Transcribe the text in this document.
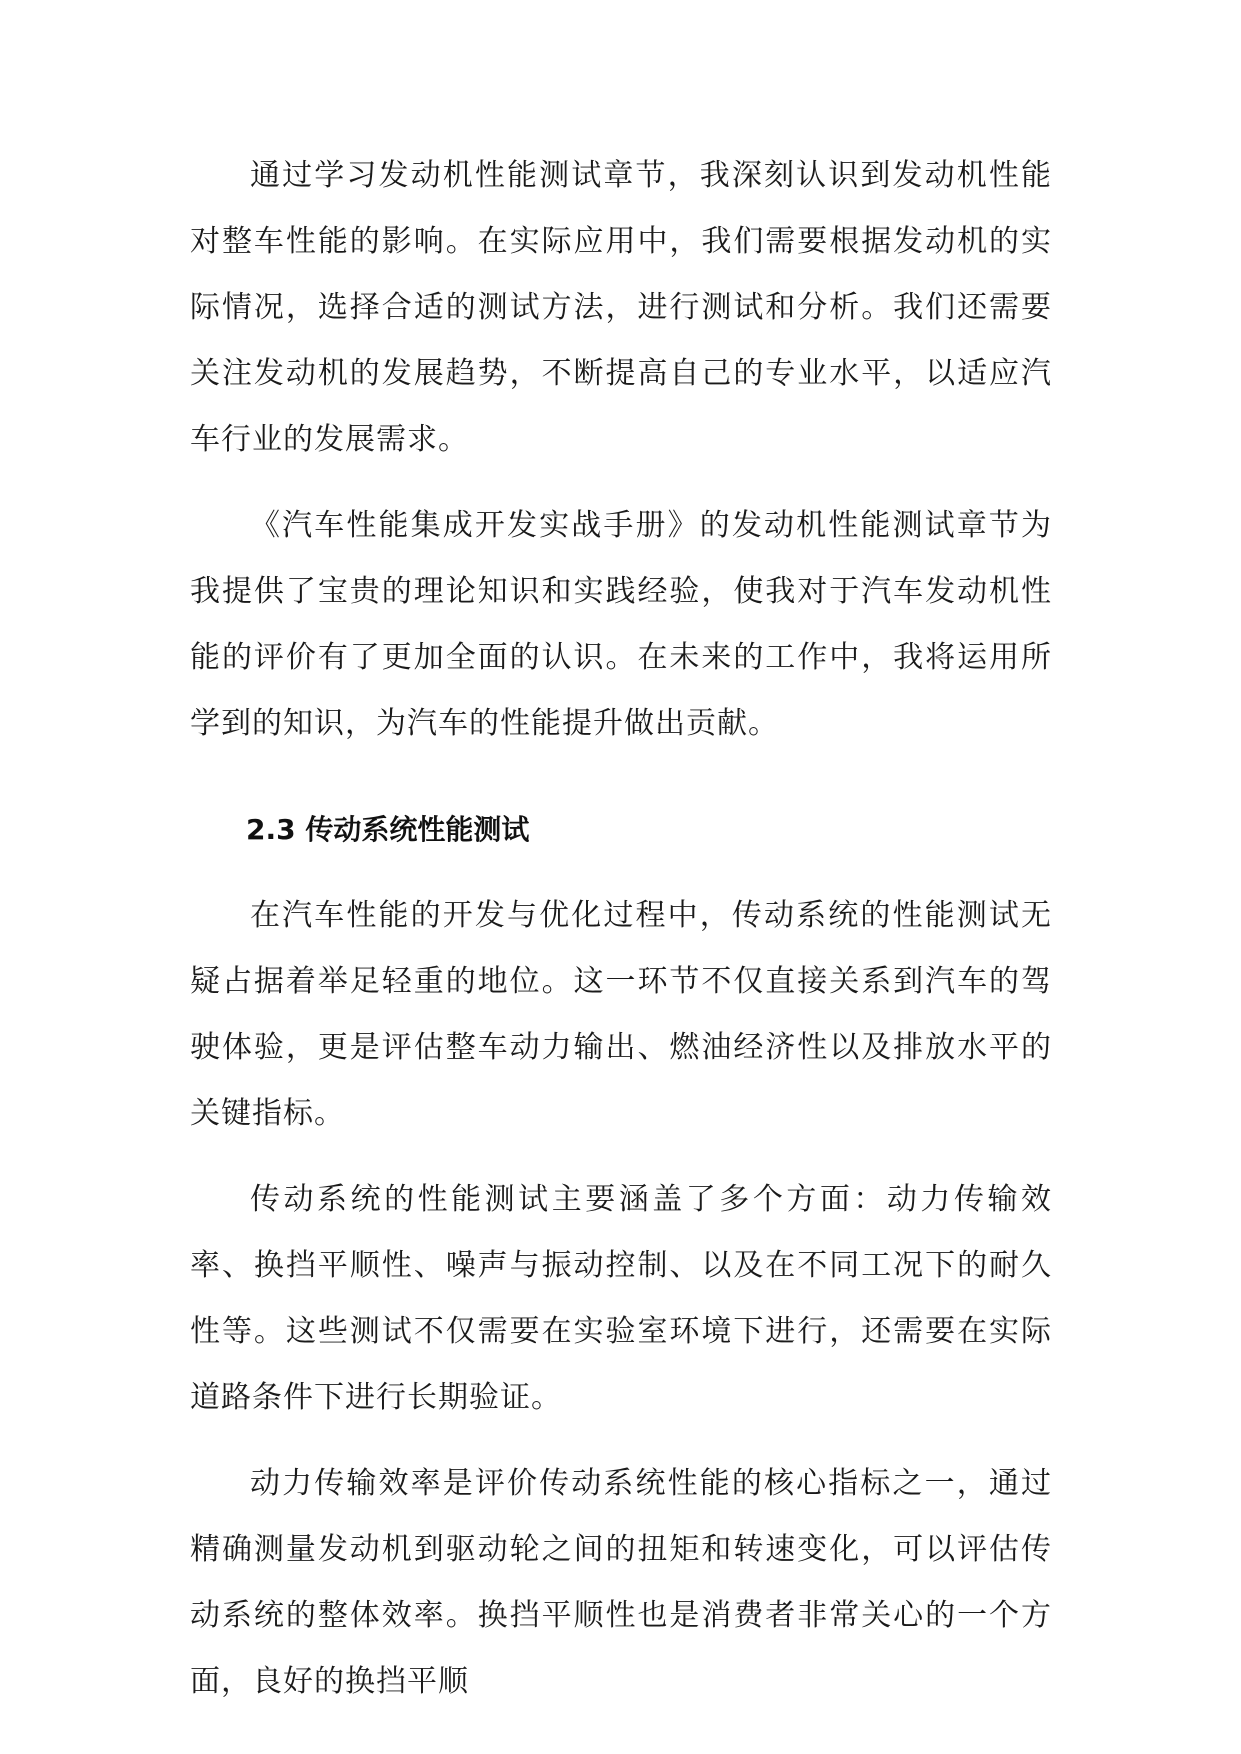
通过学习发动机性能测试章节，我深刻认识到发动机性能对整车性能的影响。在实际应用中，我们需要根据发动机的实际情况，选择合适的测试方法，进行测试和分析。我们还需要关注发动机的发展趋势，不断提高自己的专业水平，以适应汽车行业的发展需求。

《汽车性能集成开发实战手册》的发动机性能测试章节为我提供了宝贵的理论知识和实践经验，使我对于汽车发动机性能的评价有了更加全面的认识。在未来的工作中，我将运用所学到的知识，为汽车的性能提升做出贡献。

2.3 传动系统性能测试

在汽车性能的开发与优化过程中，传动系统的性能测试无疑占据着举足轻重的地位。这一环节不仅直接关系到汽车的驾驶体验，更是评估整车动力输出、燃油经济性以及排放水平的关键指标。

传动系统的性能测试主要涵盖了多个方面：动力传输效率、换挡平顺性、噪声与振动控制、以及在不同工况下的耐久性等。这些测试不仅需要在实验室环境下进行，还需要在实际道路条件下进行长期验证。

动力传输效率是评价传动系统性能的核心指标之一，通过精确测量发动机到驱动轮之间的扭矩和转速变化，可以评估传动系统的整体效率。换挡平顺性也是消费者非常关心的一个方面，良好的换挡平顺
